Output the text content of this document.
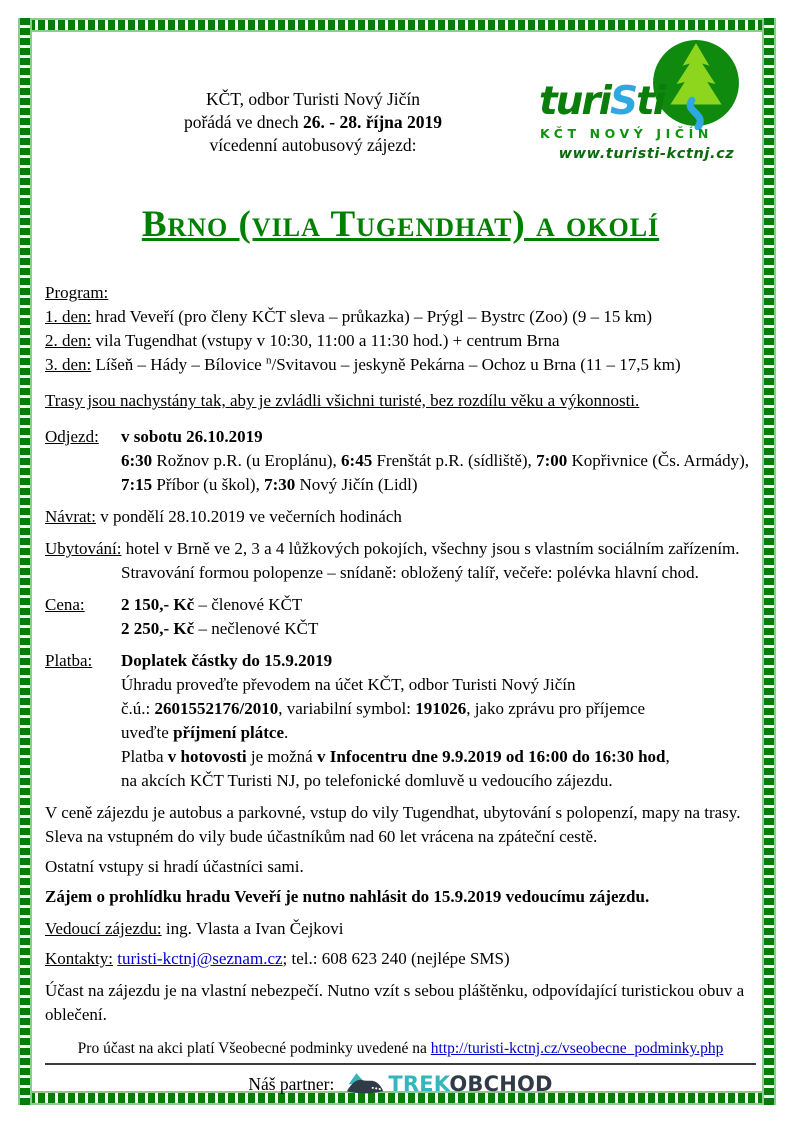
KČT, odbor Turisti Nový Jičín
pořádá ve dnech 26. - 28. října 2019
vícedenní autobusový zájezd:
turiSti
KČT NOVÝ JIČÍN
www.turisti-kctnj.cz
Brno (vila Tugendhat) a okolí

Program:

1. den: hrad Veveří (pro členy KČT sleva – průkazka) – Prýgl – Bystrc (Zoo) (9 – 15 km)

2. den: vila Tugendhat (vstupy v 10:30, 11:00 a 11:30 hod.) + centrum Brna

3. den: Líšeň – Hády – Bílovice $^n$/Svitavou – jeskyně Pekárna – Ochoz u Brna (11 – 17,5 km)

Trasy jsou nachystány tak, aby je zvládli všichni turisté, bez rozdílu věku a výkonnosti.

Odjezd:	v sobotu 26.10.2019

6:30 Rožnov p.R. (u Eroplánu), 6:45 Frenštát p.R. (sídliště), 7:00 Kopřivnice (Čs. Armády), 7:15 Příbor (u škol), 7:30 Nový Jičín (Lidl)

Návrat: v pondělí 28.10.2019 ve večerních hodinách

Ubytování: hotel v Brně ve 2, 3 a 4 lůžkových pokojích, všechny jsou s vlastním sociálním zařízením. Stravování formou polopenze – snídaně: obložený talíř, večeře: polévka hlavní chod.

Cena:	2 150,- Kč – členové KČT

2 250,- Kč – nečlenové KČT

Platba:	Doplatek částky do 15.9.2019

Úhradu proveďte převodem na účet KČT, odbor Turisti Nový Jičín

č.ú.: 2601552176/2010, variabilní symbol: 191026, jako zprávu pro příjemce

uveďte příjmení plátce.

Platba v hotovosti je možná v Infocentru dne 9.9.2019 od 16:00 do 16:30 hod,

na akcích KČT Turisti NJ, po telefonické domluvě u vedoucího zájezdu.

V ceně zájezdu je autobus a parkovné, vstup do vily Tugendhat, ubytování s polopenzí, mapy na trasy. Sleva na vstupném do vily bude účastníkům nad 60 let vrácena na zpáteční cestě.

Ostatní vstupy si hradí účastníci sami.

Zájem o prohlídku hradu Veveří je nutno nahlásit do 15.9.2019 vedoucímu zájezdu.

Vedoucí zájezdu: ing. Vlasta a Ivan Čejkovi

Kontakty: turisti-kctnj@seznam.cz; tel.: 608 623 240 (nejlépe SMS)

Účast na zájezdu je na vlastní nebezpečí. Nutno vzít s sebou pláštěnku, odpovídající turistickou obuv a oblečení.

Pro účast na akci platí Všeobecné podminky uvedené na http://turisti-kctnj.cz/vseobecne_podminky.php
Náš partner:	TREKOBCHOD
